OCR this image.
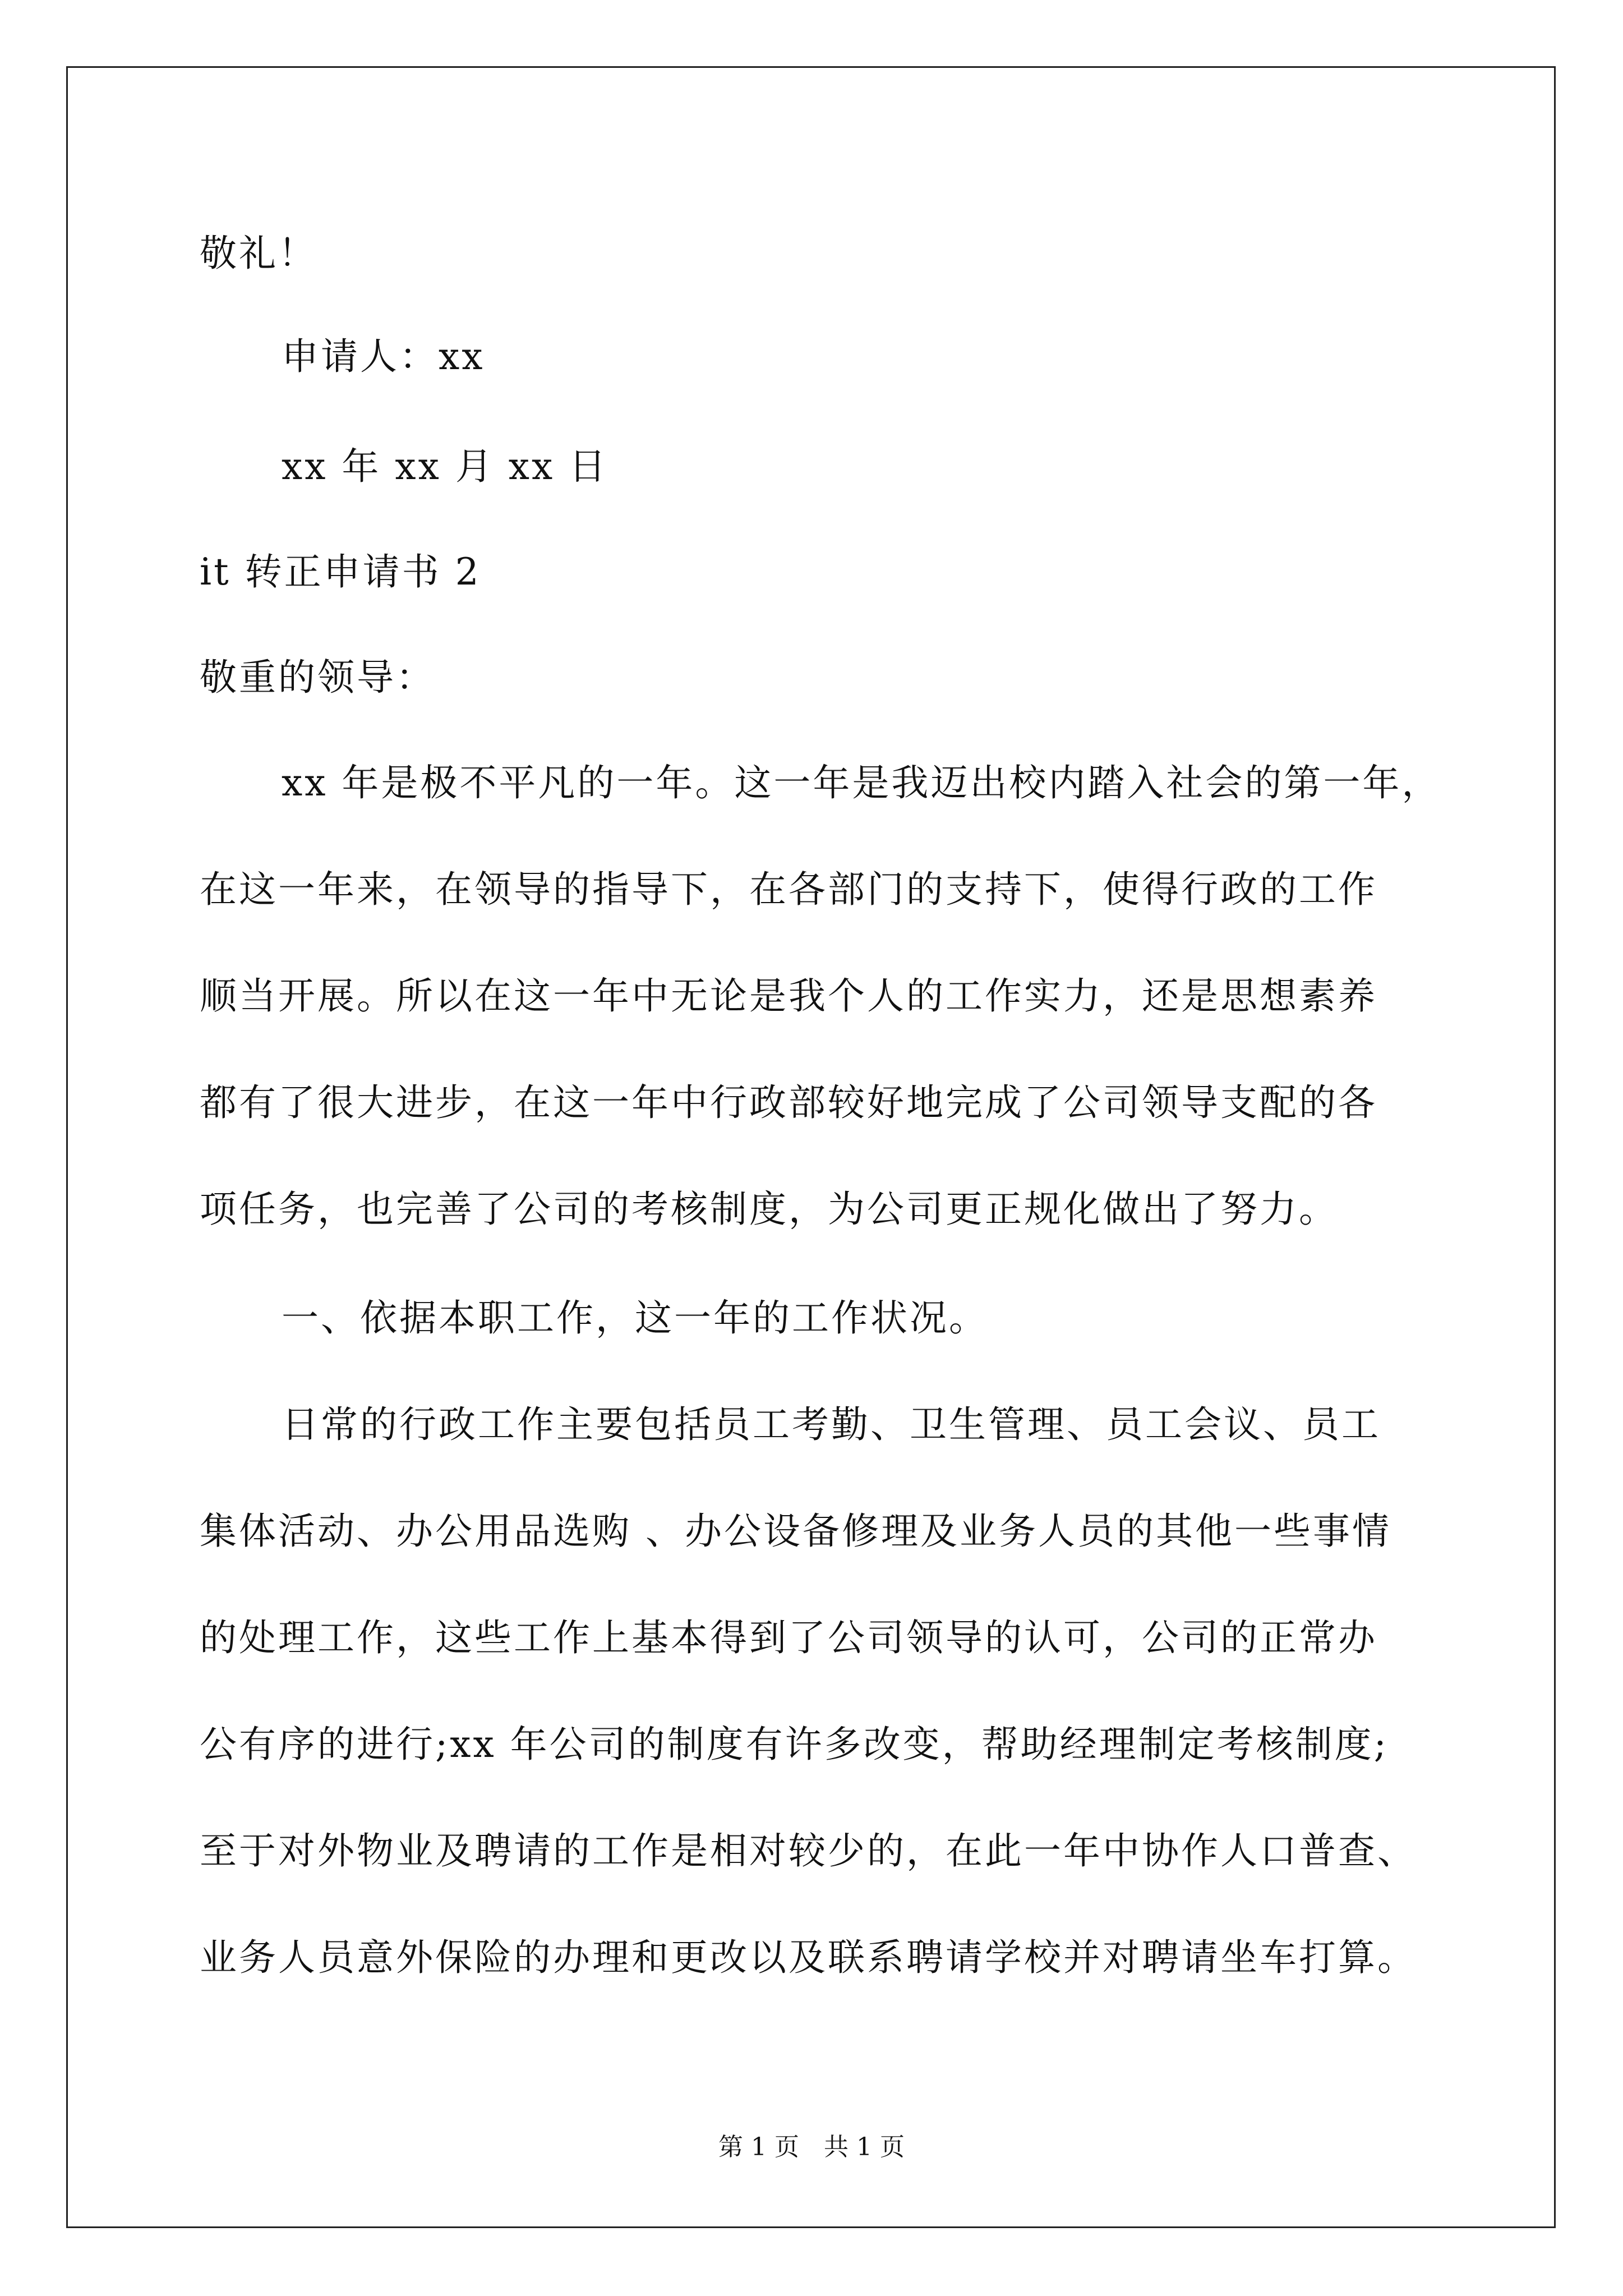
敬礼！
申请人：xx
xx 年 xx 月 xx 日
it 转正申请书 2
敬重的领导：
xx 年是极不平凡的一年。这一年是我迈出校内踏入社会的第一年，
在这一年来，在领导的指导下，在各部门的支持下，使得行政的工作
顺当开展。所以在这一年中无论是我个人的工作实力，还是思想素养
都有了很大进步，在这一年中行政部较好地完成了公司领导支配的各
项任务，也完善了公司的考核制度，为公司更正规化做出了努力。
一、依据本职工作，这一年的工作状况。
日常的行政工作主要包括员工考勤、卫生管理、员工会议、员工
集体活动、办公用品选购 、办公设备修理及业务人员的其他一些事情
的处理工作，这些工作上基本得到了公司领导的认可，公司的正常办
公有序的进行;xx 年公司的制度有许多改变，帮助经理制定考核制度;
至于对外物业及聘请的工作是相对较少的，在此一年中协作人口普查、
业务人员意外保险的办理和更改以及联系聘请学校并对聘请坐车打算。
第 1 页　共 1 页
